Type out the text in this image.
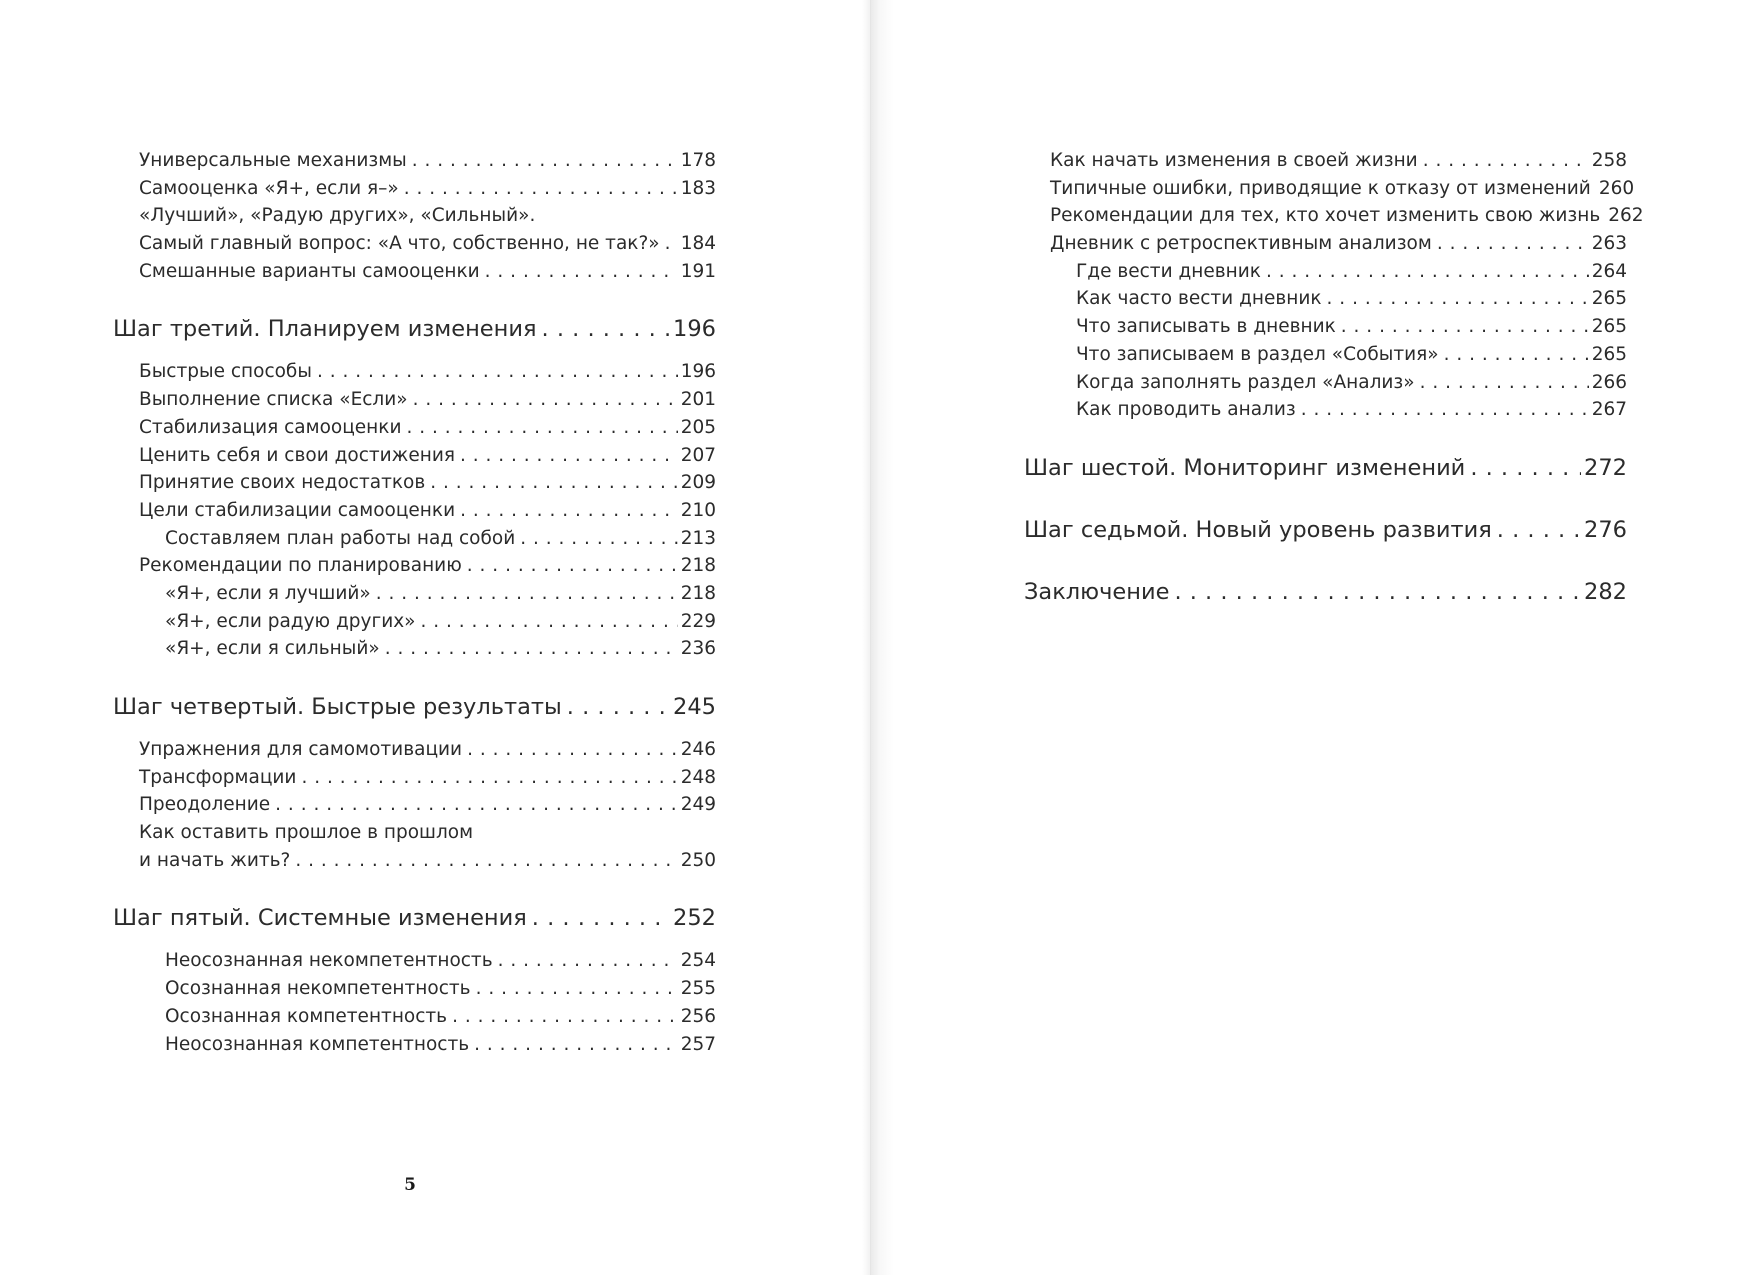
Универсальные механизмы . . .	178
Самооценка «Я+, если я–» . . .	183
«Лучший», «Радую других», «Сильный».
Самый главный вопрос: «А что, собственно, не так?» . . . 184
Смешанные варианты самооценки . . .	191
Шаг третий. Планируем изменения . . .	196
Быстрые способы . . .	196
Выполнение списка «Если» . . .	201
Стабилизация самооценки . . .	205
Ценить себя и свои достижения . . .	207
Принятие своих недостатков . . .	209
Цели стабилизации самооценки . . .	210
Составляем план работы над собой . . .	213
Рекомендации по планированию . . .	218
«Я+, если я лучший» . . .	218
«Я+, если радую других» . . .	229
«Я+, если я сильный» . . .	236
Шаг четвертый. Быстрые результаты . . .	245
Упражнения для самомотивации . . .	246
Трансформации . . .	248
Преодоление . . .	249
Как оставить прошлое в прошлом
и начать жить? . . .	250
Шаг пятый. Системные изменения . . .	252
Неосознанная некомпетентность . . .	254
Осознанная некомпетентность . . .	255
Осознанная компетентность . . .	256
Неосознанная компетентность . . .	257
5
Как начать изменения в своей жизни . . .	258
Типичные ошибки, приводящие к отказу от изменений . . . 260
Рекомендации для тех, кто хочет изменить свою жизнь . . . 262
Дневник с ретроспективным анализом . . .	263
Где вести дневник . . .	264
Как часто вести дневник . . .	265
Что записывать в дневник . . .	265
Что записываем в раздел «События» . . .	265
Когда заполнять раздел «Анализ» . . .	266
Как проводить анализ . . .	267
Шаг шестой. Мониторинг изменений . . .	272
Шаг седьмой. Новый уровень развития . . .	276
Заключение . . .	282
